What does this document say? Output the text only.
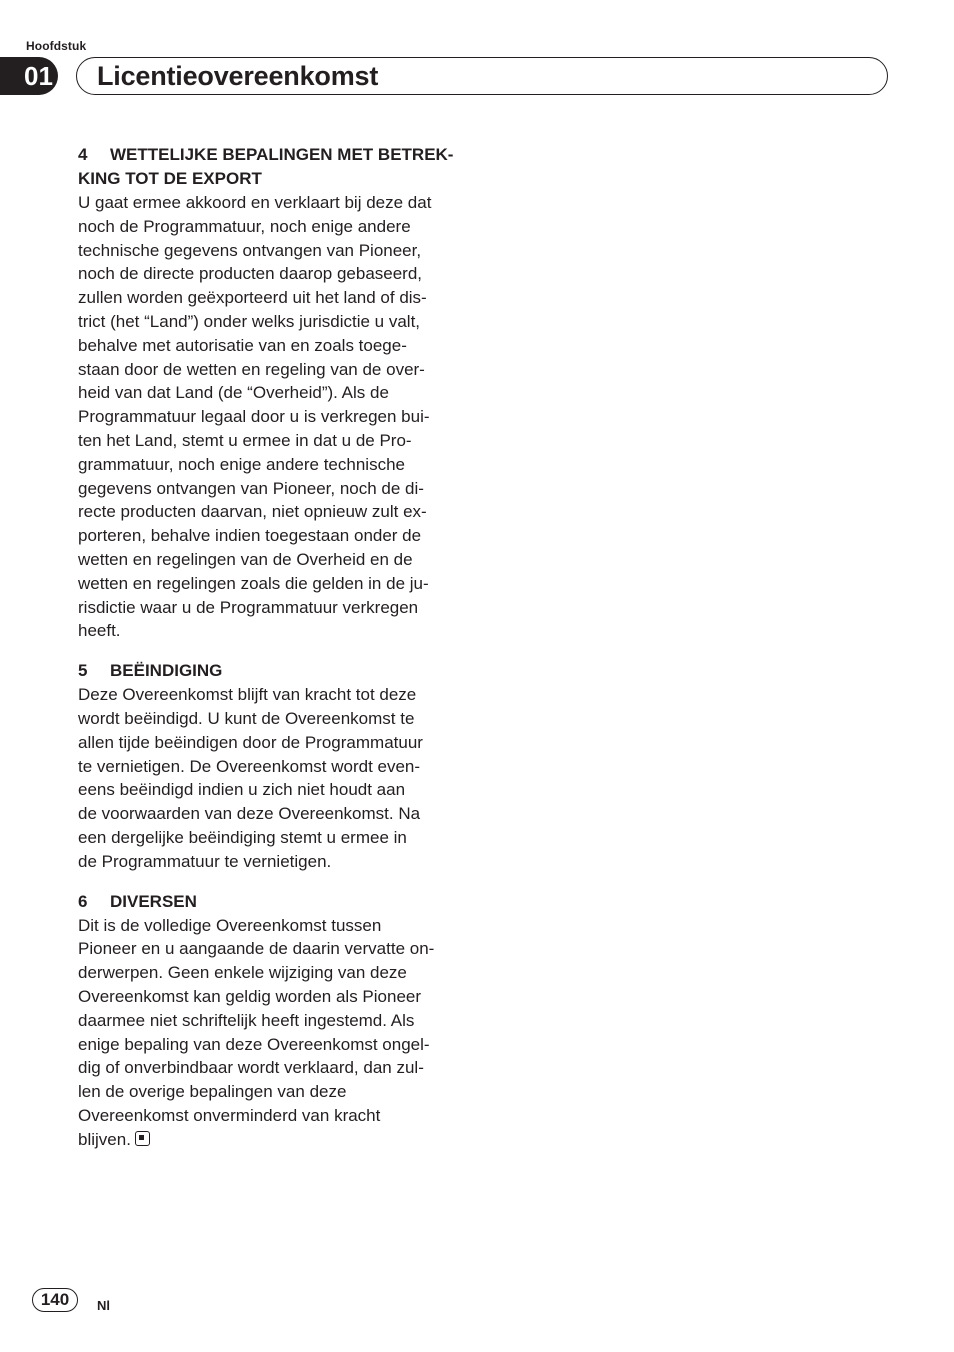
Hoofdstuk
01 Licentieovereenkomst
4	WETTELIJKE BEPALINGEN MET BETREK-
KING TOT DE EXPORT
U gaat ermee akkoord en verklaart bij deze dat
noch de Programmatuur, noch enige andere
technische gegevens ontvangen van Pioneer,
noch de directe producten daarop gebaseerd,
zullen worden geëxporteerd uit het land of dis-
trict (het “Land”) onder welks jurisdictie u valt,
behalve met autorisatie van en zoals toege-
staan door de wetten en regeling van de over-
heid van dat Land (de “Overheid”). Als de
Programmatuur legaal door u is verkregen bui-
ten het Land, stemt u ermee in dat u de Pro-
grammatuur, noch enige andere technische
gegevens ontvangen van Pioneer, noch de di-
recte producten daarvan, niet opnieuw zult ex-
porteren, behalve indien toegestaan onder de
wetten en regelingen van de Overheid en de
wetten en regelingen zoals die gelden in de ju-
risdictie waar u de Programmatuur verkregen
heeft.
5	BEËINDIGING
Deze Overeenkomst blijft van kracht tot deze
wordt beëindigd. U kunt de Overeenkomst te
allen tijde beëindigen door de Programmatuur
te vernietigen. De Overeenkomst wordt even-
eens beëindigd indien u zich niet houdt aan
de voorwaarden van deze Overeenkomst. Na
een dergelijke beëindiging stemt u ermee in
de Programmatuur te vernietigen.
6	DIVERSEN
Dit is de volledige Overeenkomst tussen
Pioneer en u aangaande de daarin vervatte on-
derwerpen. Geen enkele wijziging van deze
Overeenkomst kan geldig worden als Pioneer
daarmee niet schriftelijk heeft ingestemd. Als
enige bepaling van deze Overeenkomst ongel-
dig of onverbindbaar wordt verklaard, dan zul-
len de overige bepalingen van deze
Overeenkomst onverminderd van kracht
blijven.
140	Nl
